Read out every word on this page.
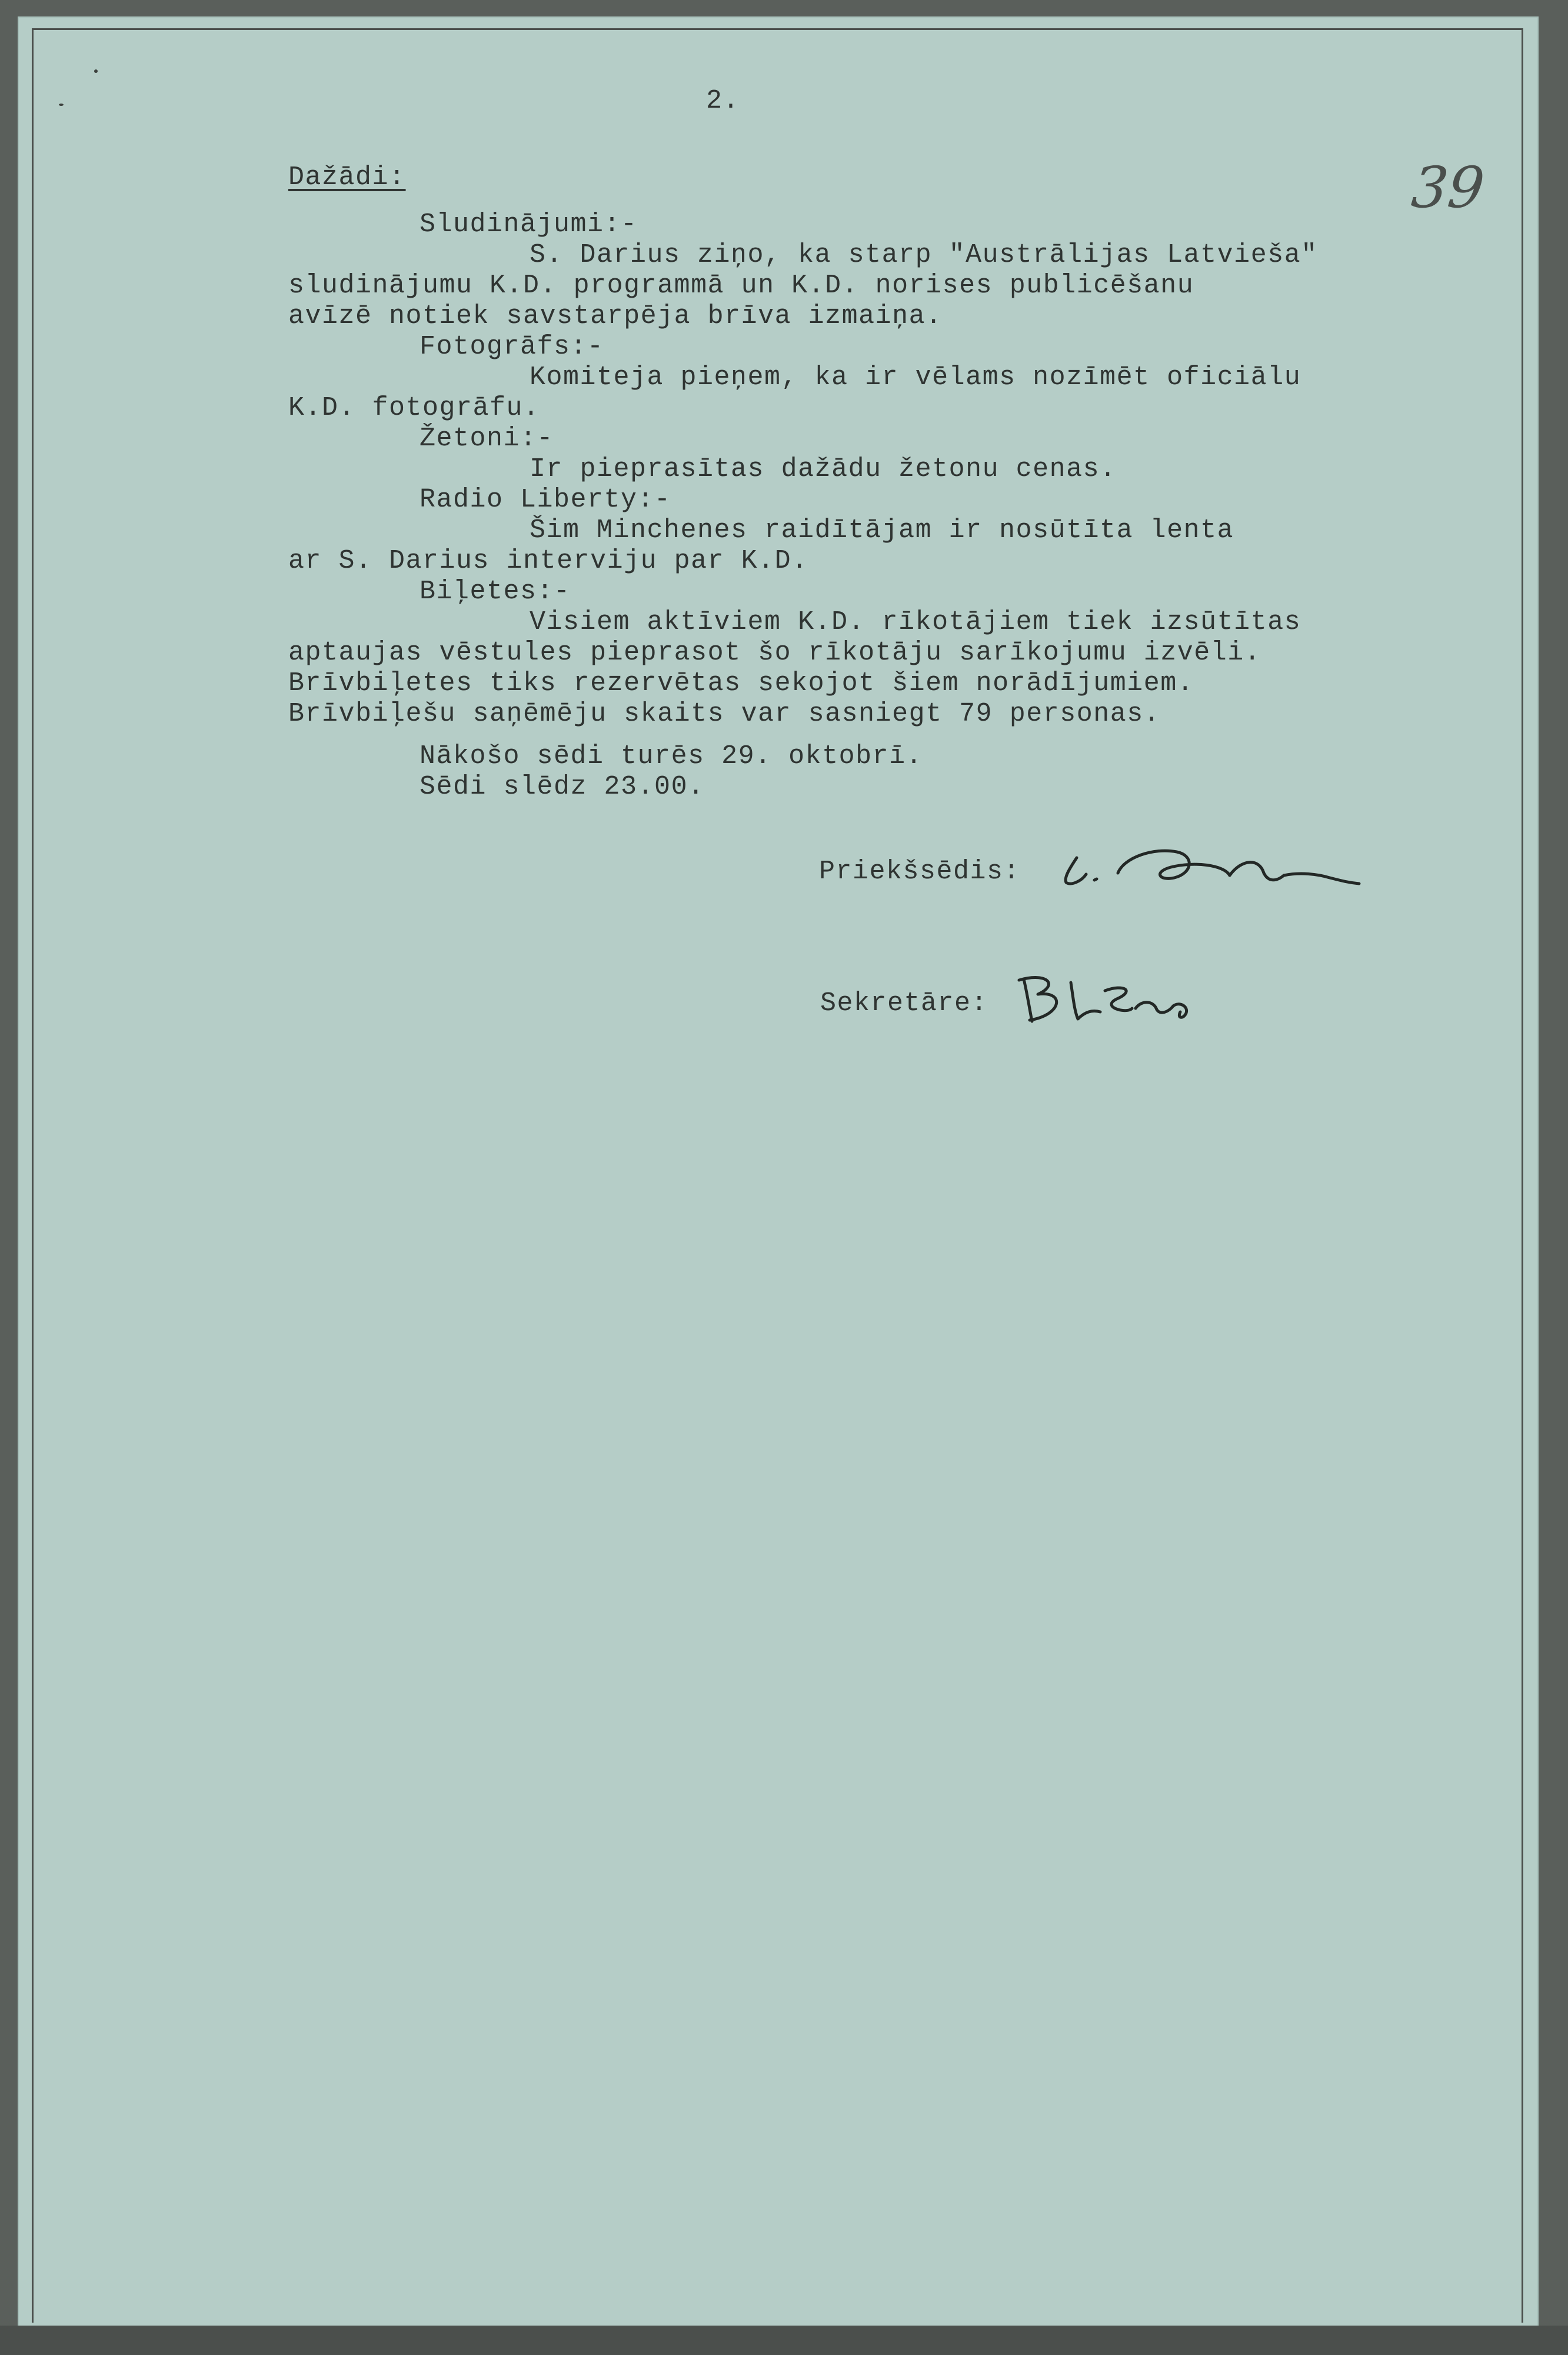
2.
39
Dažādi:
Sludinājumi:-
S. Darius ziņo, ka starp "Austrālijas Latvieša"
sludinājumu K.D. programmā un K.D. norises publicēšanu
avīzē notiek savstarpēja brīva izmaiņa.
Fotogrāfs:-
Komiteja pieņem, ka ir vēlams nozīmēt oficiālu
K.D. fotogrāfu.
Žetoni:-
Ir pieprasītas dažādu žetonu cenas.
Radio Liberty:-
Šim Minchenes raidītājam ir nosūtīta lenta
ar S. Darius interviju par K.D.
Biļetes:-
Visiem aktīviem K.D. rīkotājiem tiek izsūtītas
aptaujas vēstules pieprasot šo rīkotāju sarīkojumu izvēli.
Brīvbiļetes tiks rezervētas sekojot šiem norādījumiem.
Brīvbiļešu saņēmēju skaits var sasniegt 79 personas.
Nākošo sēdi turēs 29. oktobrī.
Sēdi slēdz 23.00.
Priekšsēdis:
Sekretāre:
